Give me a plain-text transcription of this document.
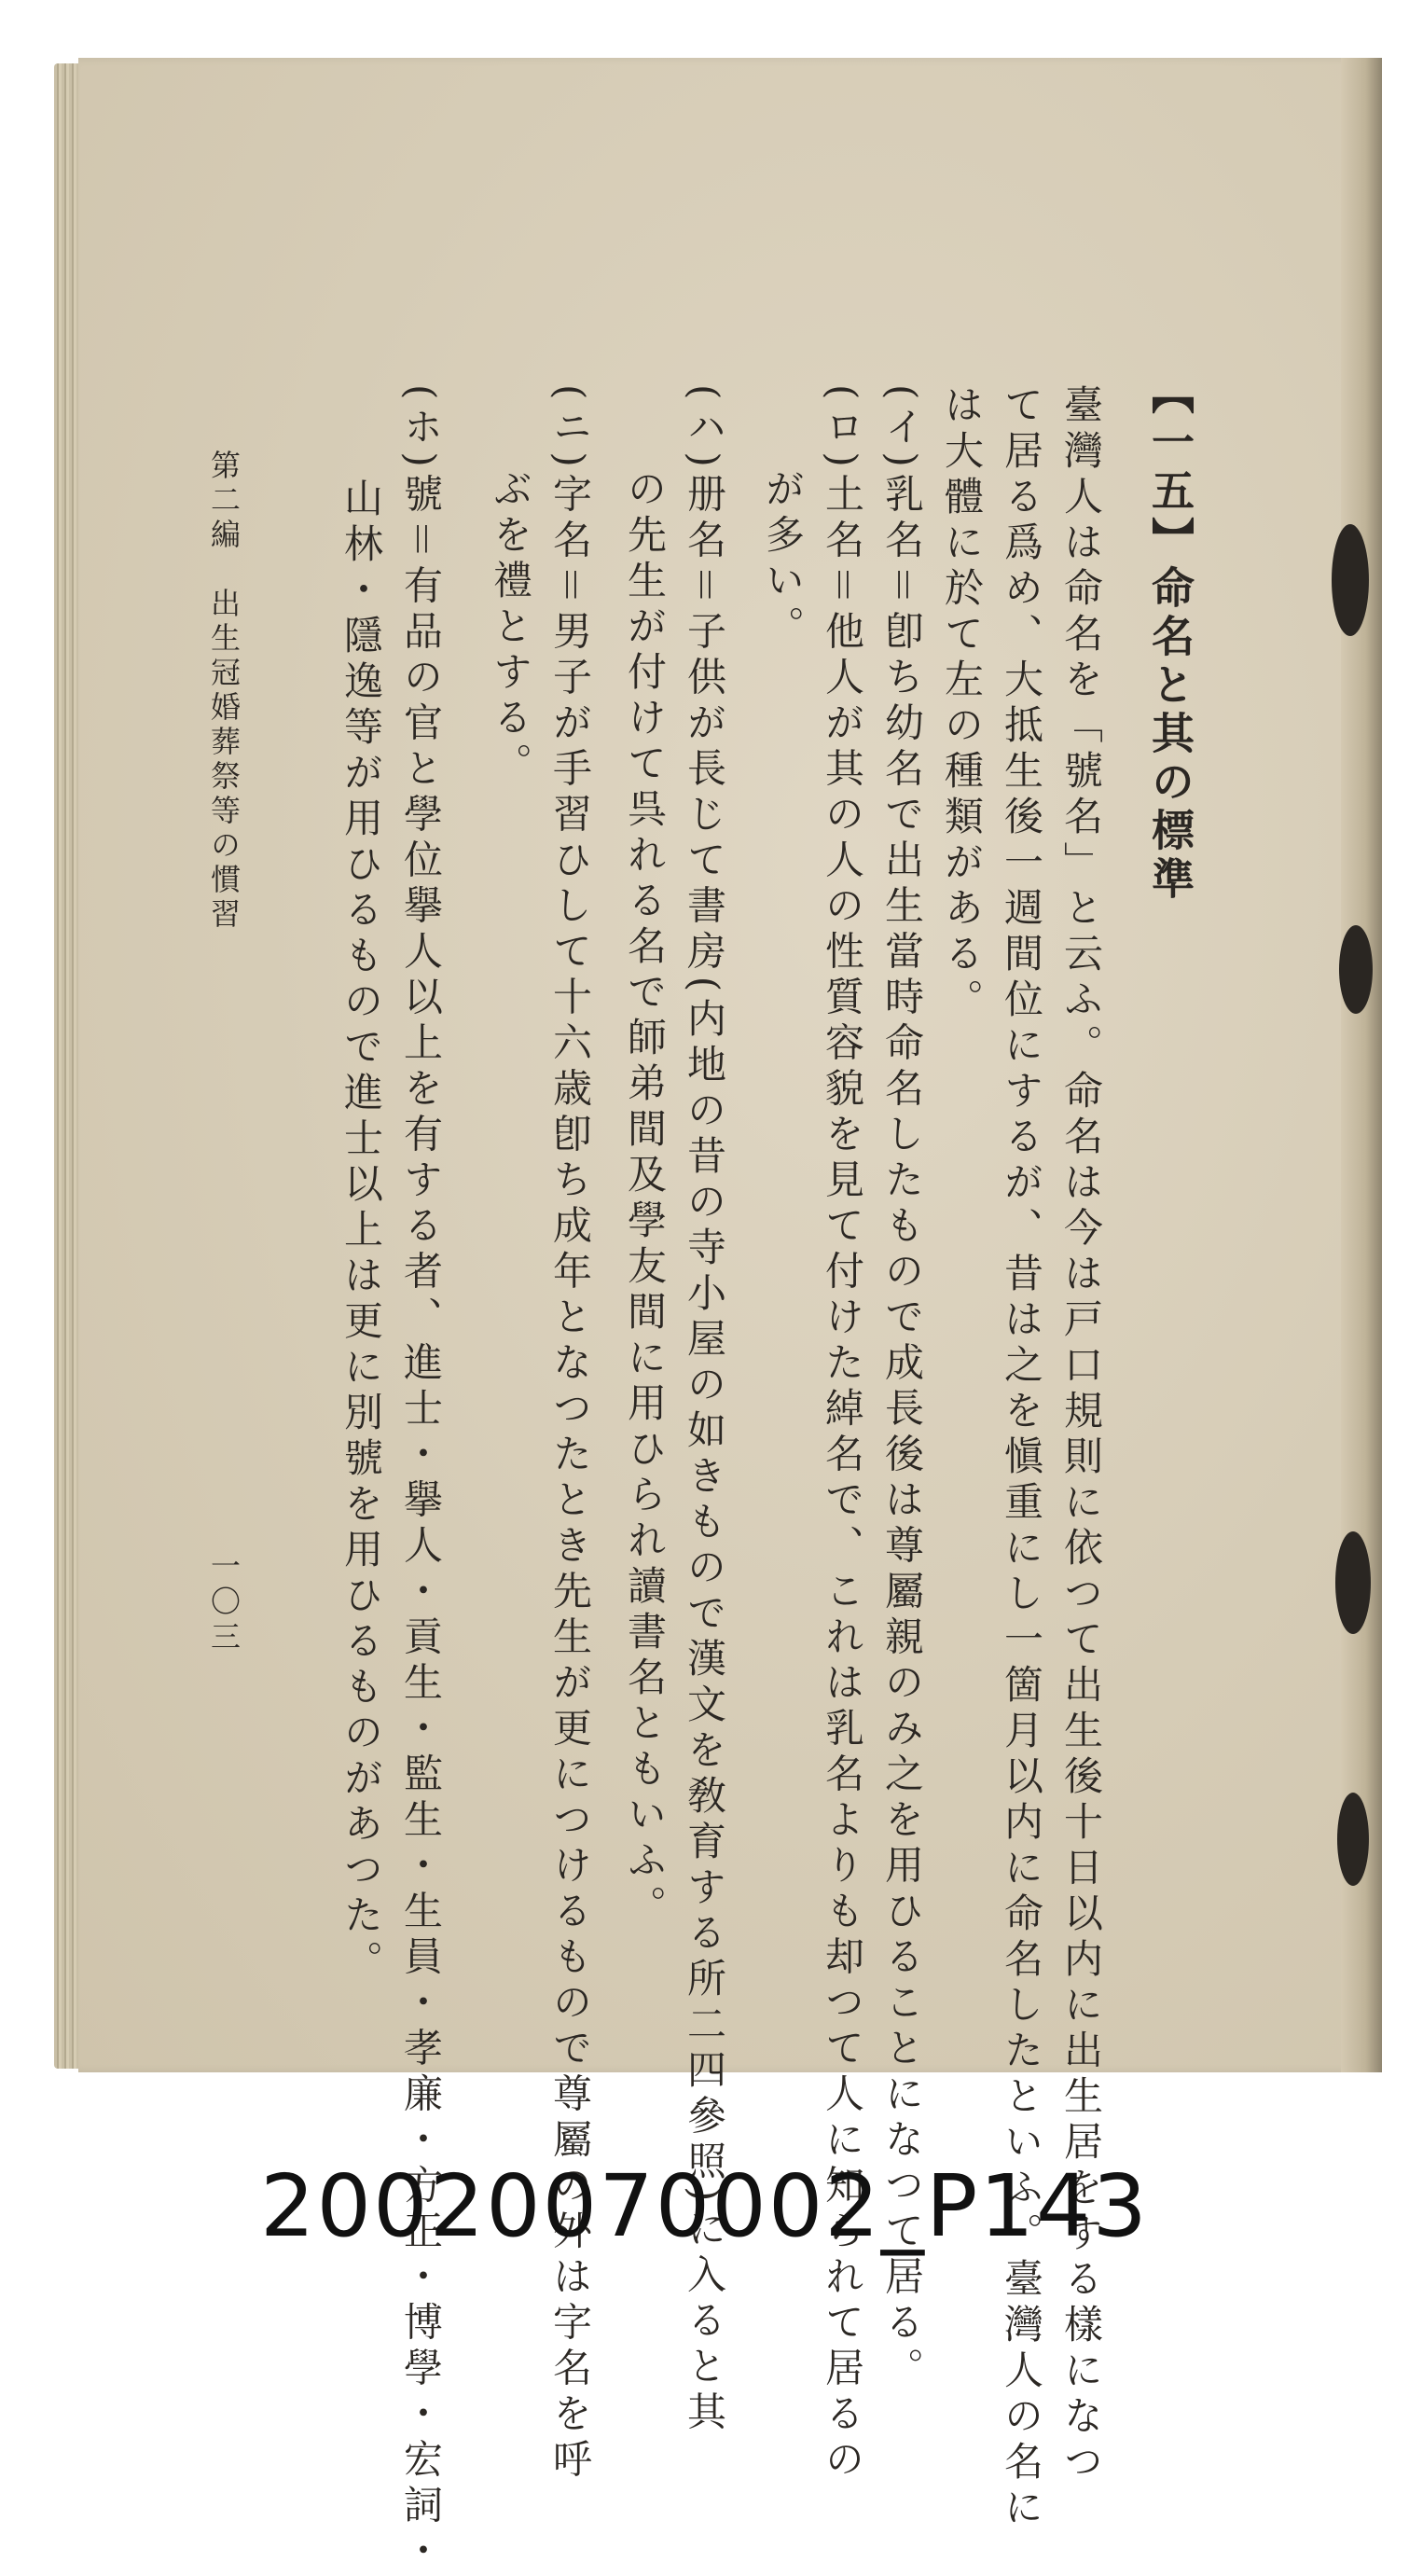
【一五】命名と其の標準
臺灣人は命名を「號名」と云ふ。命名は今は戸口規則に依つて出生後十日以内に出生居をする樣になつ
て居る爲め、大抵生後一週間位にするが、昔は之を愼重にし一箇月以内に命名したといふ。臺灣人の名に
は大體に於て左の種類がある。
(イ)乳名＝卽ち幼名で出生當時命名したもので成長後は尊屬親のみ之を用ひることになつて居る。
(ロ)土名＝他人が其の人の性質容貌を見て付けた綽名で、これは乳名よりも却つて人に知られて居るの
が多い。
(ハ)册名＝子供が長じて書房(内地の昔の寺小屋の如きもので漢文を敎育する所二四參照)に入ると其
の先生が付けて呉れる名で師弟間及學友間に用ひられ讀書名ともいふ。
(ニ)字名＝男子が手習ひして十六歳卽ち成年となつたとき先生が更につけるもので尊屬の外は字名を呼
ぶを禮とする。
(ホ)號＝有品の官と學位擧人以上を有する者、進士・擧人・貢生・監生・生員・孝廉・方正・博學・宏詞・
山林・隱逸等が用ひるもので進士以上は更に別號を用ひるものがあつた。
第二編　出生冠婚葬祭等の慣習
一〇三
20020070002_P143
